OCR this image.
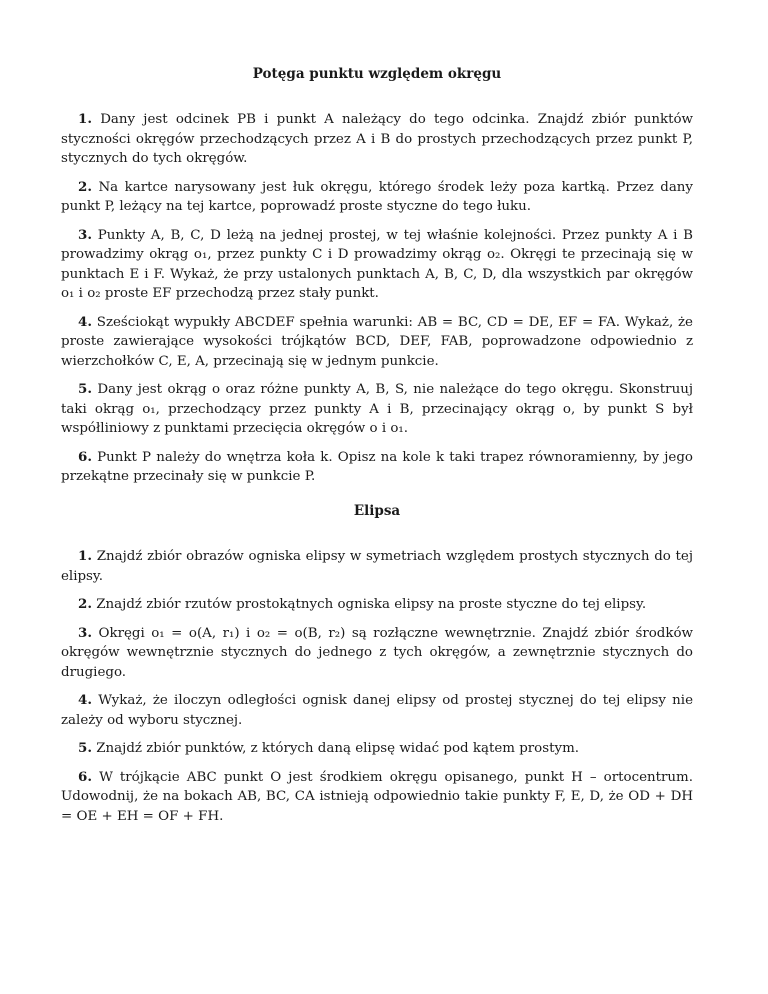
Potęga punktu względem okręgu

1. Dany jest odcinek PB i punkt A należący do tego odcinka. Znajdź zbiór punktów styczności okręgów przechodzących przez A i B do prostych przechodzących przez punkt P, stycznych do tych okręgów.

2. Na kartce narysowany jest łuk okręgu, którego środek leży poza kartką. Przez dany punkt P, leżący na tej kartce, poprowadź proste styczne do tego łuku.

3. Punkty A, B, C, D leżą na jednej prostej, w tej właśnie kolejności. Przez punkty A i B prowadzimy okrąg o₁, przez punkty C i D prowadzimy okrąg o₂. Okręgi te przecinają się w punktach E i F. Wykaż, że przy ustalonych punktach A, B, C, D, dla wszystkich par okręgów o₁ i o₂ proste EF przechodzą przez stały punkt.

4. Sześciokąt wypukły ABCDEF spełnia warunki: AB = BC, CD = DE, EF = FA. Wykaż, że proste zawierające wysokości trójkątów BCD, DEF, FAB, poprowadzone odpowiednio z wierzchołków C, E, A, przecinają się w jednym punkcie.

5. Dany jest okrąg o oraz różne punkty A, B, S, nie należące do tego okręgu. Skonstruuj taki okrąg o₁, przechodzący przez punkty A i B, przecinający okrąg o, by punkt S był współliniowy z punktami przecięcia okręgów o i o₁.

6. Punkt P należy do wnętrza koła k. Opisz na kole k taki trapez równoramienny, by jego przekątne przecinały się w punkcie P.

Elipsa

1. Znajdź zbiór obrazów ogniska elipsy w symetriach względem prostych stycznych do tej elipsy.

2. Znajdź zbiór rzutów prostokątnych ogniska elipsy na proste styczne do tej elipsy.

3. Okręgi o₁ = o(A, r₁) i o₂ = o(B, r₂) są rozłączne wewnętrznie. Znajdź zbiór środków okręgów wewnętrznie stycznych do jednego z tych okręgów, a zewnętrznie stycznych do drugiego.

4. Wykaż, że iloczyn odległości ognisk danej elipsy od prostej stycznej do tej elipsy nie zależy od wyboru stycznej.

5. Znajdź zbiór punktów, z których daną elipsę widać pod kątem prostym.

6. W trójkącie ABC punkt O jest środkiem okręgu opisanego, punkt H – ortocentrum. Udowodnij, że na bokach AB, BC, CA istnieją odpowiednio takie punkty F, E, D, że OD + DH = OE + EH = OF + FH.
